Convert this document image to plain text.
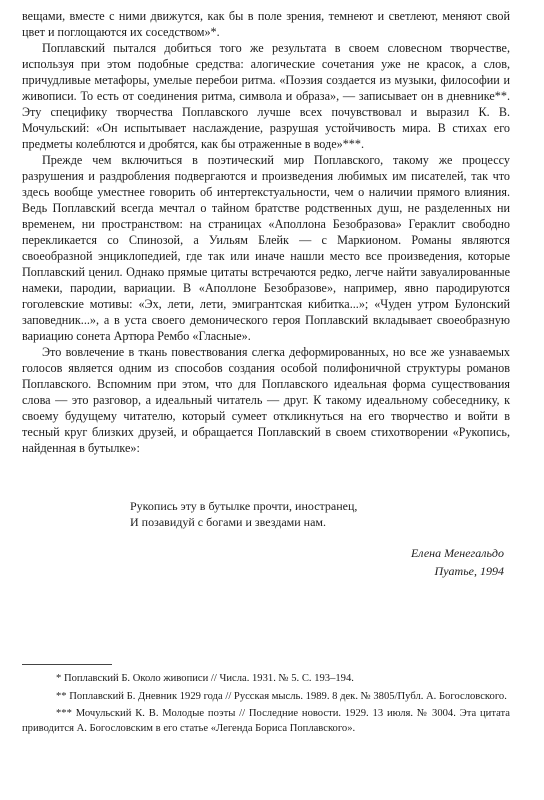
вещами, вместе с ними движутся, как бы в поле зрения, темнеют и светлеют, меняют свой цвет и поглощаются их соседством»*.

Поплавский пытался добиться того же результата в своем словесном творчестве, используя при этом подобные средства: алогические сочетания уже не красок, а слов, причудливые метафоры, умелые перебои ритма. «Поэзия создается из музыки, философии и живописи. То есть от соединения ритма, символа и образа», — записывает он в дневнике**. Эту специфику творчества Поплавского лучше всех почувствовал и выразил К. В. Мочульский: «Он испытывает наслаждение, разрушая устойчивость мира. В стихах его предметы колеблются и дробятся, как бы отраженные в воде»***.

Прежде чем включиться в поэтический мир Поплавского, такому же процессу разрушения и раздробления подвергаются и произведения любимых им писателей, так что здесь вообще уместнее говорить об интертекстуальности, чем о наличии прямого влияния. Ведь Поплавский всегда мечтал о тайном братстве родственных душ, не разделенных ни временем, ни пространством: на страницах «Аполлона Безобразова» Гераклит свободно перекликается со Спинозой, а Уильям Блейк — с Маркионом. Романы являются своеобразной энциклопедией, где так или иначе нашли место все произведения, которые Поплавский ценил. Однако прямые цитаты встречаются редко, легче найти завуалированные намеки, пародии, вариации. В «Аполлоне Безобразове», например, явно пародируются гоголевские мотивы: «Эх, лети, лети, эмигрантская кибитка...»; «Чуден утром Булонский заповедник...», а в уста своего демонического героя Поплавский вкладывает своеобразную вариацию сонета Артюра Рембо «Гласные».

Это вовлечение в ткань повествования слегка деформированных, но все же узнаваемых голосов является одним из способов создания особой полифоничной структуры романов Поплавского. Вспомним при этом, что для Поплавского идеальная форма существования слова — это разговор, а идеальный читатель — друг. К такому идеальному собеседнику, к своему будущему читателю, который сумеет откликнуться на его творчество и войти в тесный круг близких друзей, и обращается Поплавский в своем стихотворении «Рукопись, найденная в бутылке»:

Рукопись эту в бутылке прочти, иностранец,
И позавидуй с богами и звездами нам.
Елена Менегальдо
Пуатье, 1994

* Поплавский Б. Около живописи // Числа. 1931. № 5. С. 193–194.

** Поплавский Б. Дневник 1929 года // Русская мысль. 1989. 8 дек. № 3805/Публ. А. Богословского.

*** Мочульский К. В. Молодые поэты // Последние новости. 1929. 13 июля. № 3004. Эта цитата приводится А. Богословским в его статье «Легенда Бориса Поплавского».
